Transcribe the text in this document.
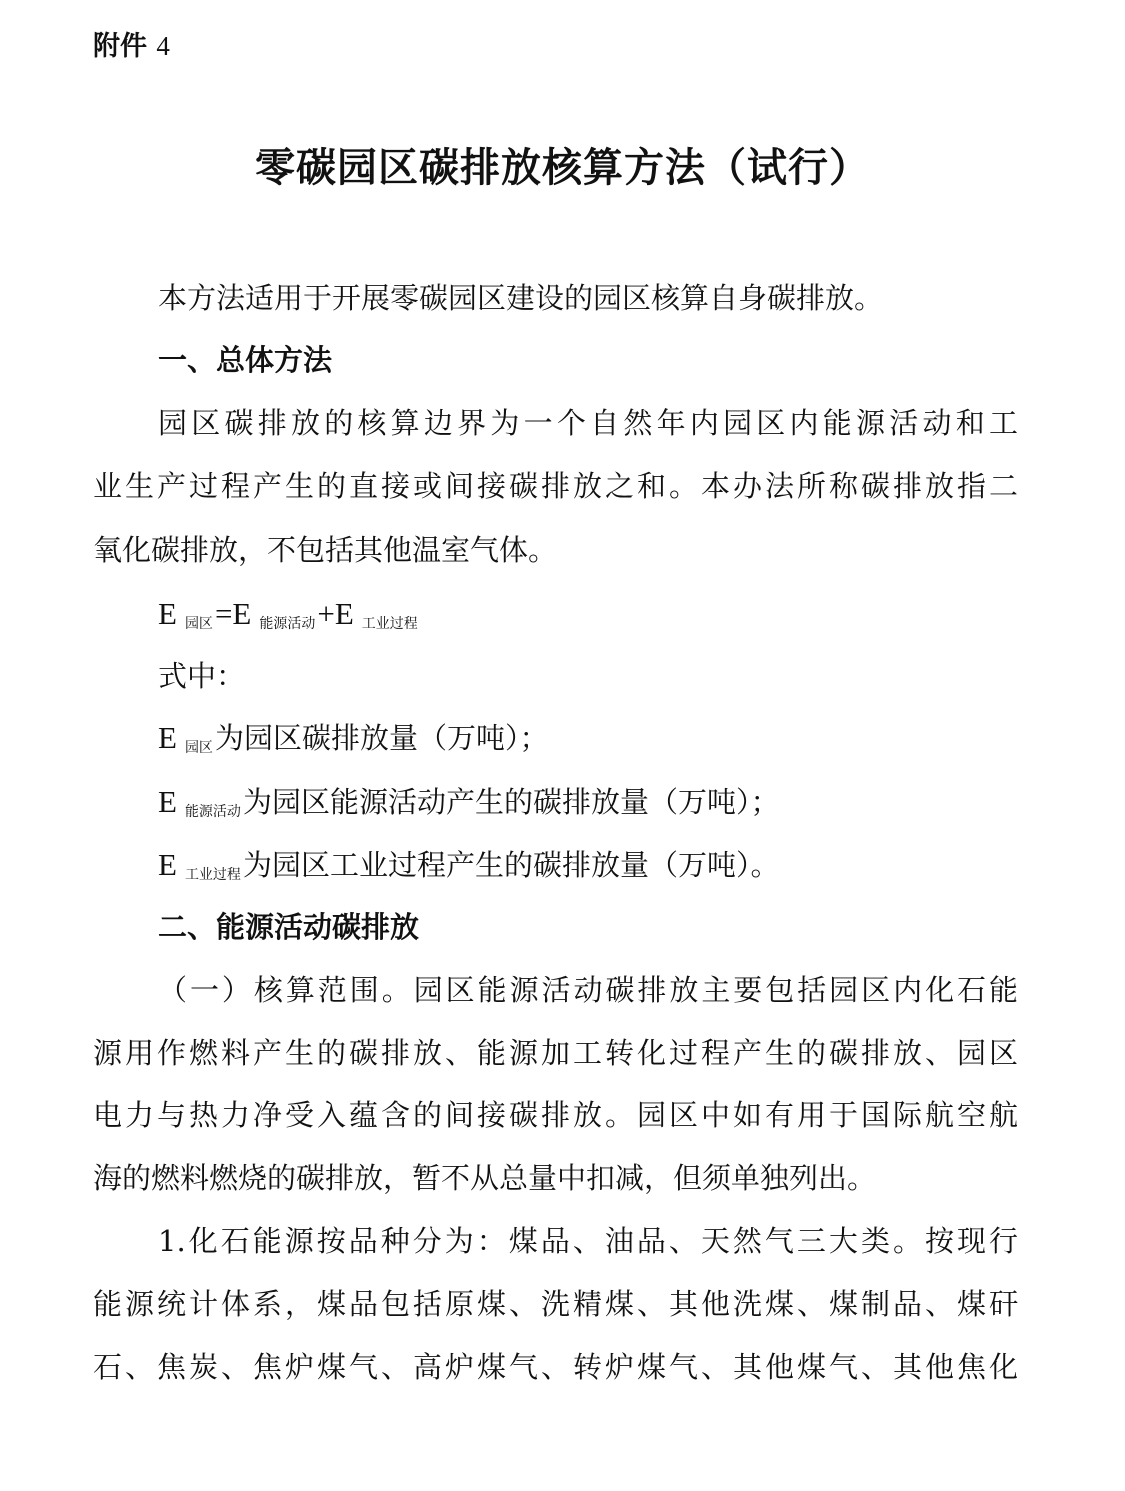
附件 4
零碳园区碳排放核算方法（试行）
本方法适用于开展零碳园区建设的园区核算自身碳排放。
一、总体方法
园区碳排放的核算边界为一个自然年内园区内能源活动和工
业生产过程产生的直接或间接碳排放之和。本办法所称碳排放指二
氧化碳排放，不包括其他温室气体。
E $_{园区}$=E $_{能源活动}$+E $_{工业过程}$
式中：
E $_{园区}$为园区碳排放量（万吨）；
E $_{能源活动}$为园区能源活动产生的碳排放量（万吨）；
E $_{工业过程}$为园区工业过程产生的碳排放量（万吨）。
二、能源活动碳排放
（一）核算范围。园区能源活动碳排放主要包括园区内化石能
源用作燃料产生的碳排放、能源加工转化过程产生的碳排放、园区
电力与热力净受入蕴含的间接碳排放。园区中如有用于国际航空航
海的燃料燃烧的碳排放，暂不从总量中扣减，但须单独列出。
1.化石能源按品种分为：煤品、油品、天然气三大类。按现行
能源统计体系，煤品包括原煤、洗精煤、其他洗煤、煤制品、煤矸
石、焦炭、焦炉煤气、高炉煤气、转炉煤气、其他煤气、其他焦化
